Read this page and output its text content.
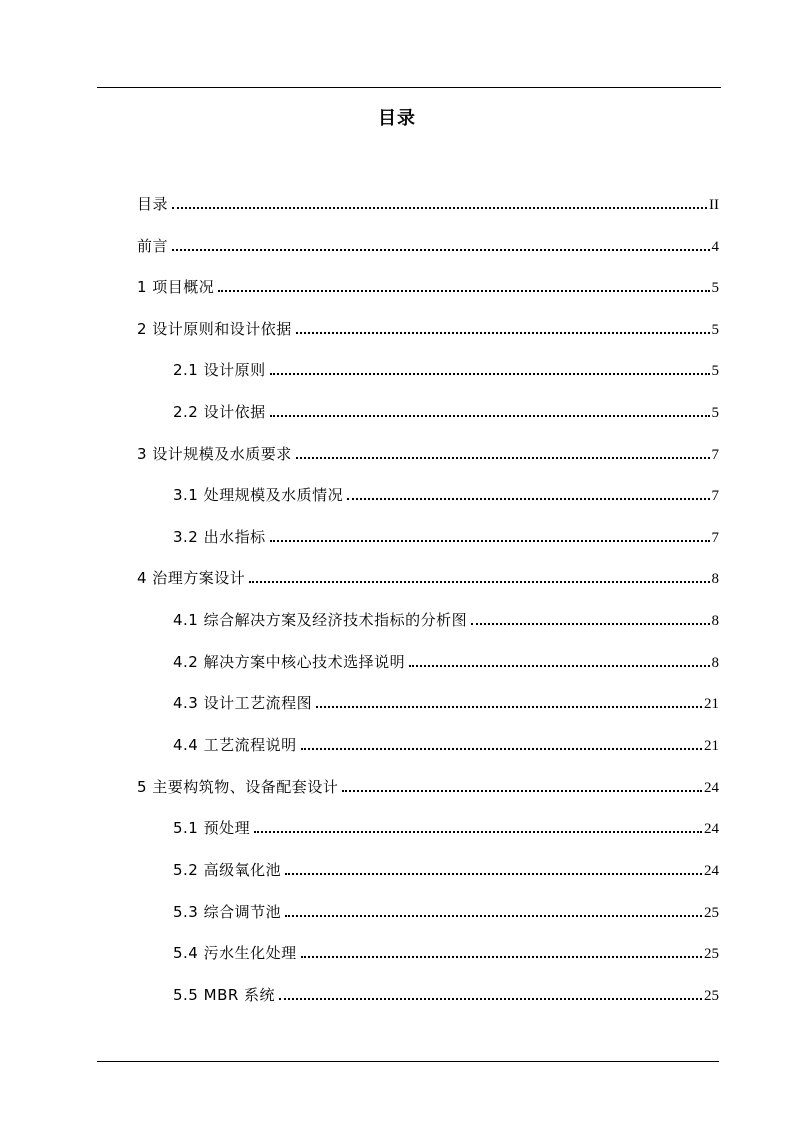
目录
目录	II
前言	4
1 项目概况	5
2 设计原则和设计依据	5
2.1 设计原则	5
2.2 设计依据	5
3 设计规模及水质要求	7
3.1 处理规模及水质情况	7
3.2 出水指标	7
4 治理方案设计	8
4.1 综合解决方案及经济技术指标的分析图	8
4.2 解决方案中核心技术选择说明	8
4.3 设计工艺流程图	21
4.4 工艺流程说明	21
5 主要构筑物、设备配套设计	24
5.1 预处理	24
5.2 高级氧化池	24
5.3 综合调节池	25
5.4 污水生化处理	25
5.5 MBR 系统	25
